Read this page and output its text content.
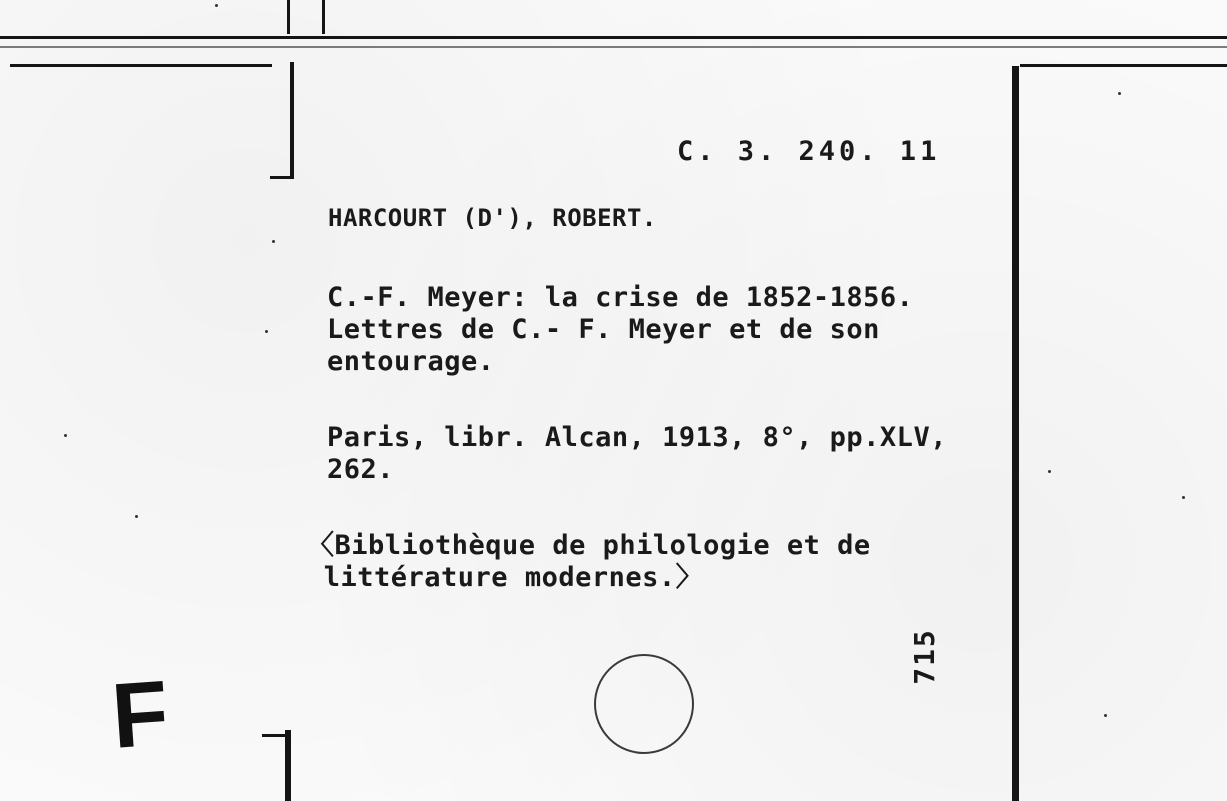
C. 3. 240. 11
HARCOURT (D'), ROBERT.
C.-F. Meyer: la crise de 1852-1856.
Lettres de C.- F. Meyer et de son
entourage.
Paris, libr. Alcan, 1913, 8°, pp.XLV,
262.
〈Bibliothèque de philologie et de
littérature modernes.〉
715
F
